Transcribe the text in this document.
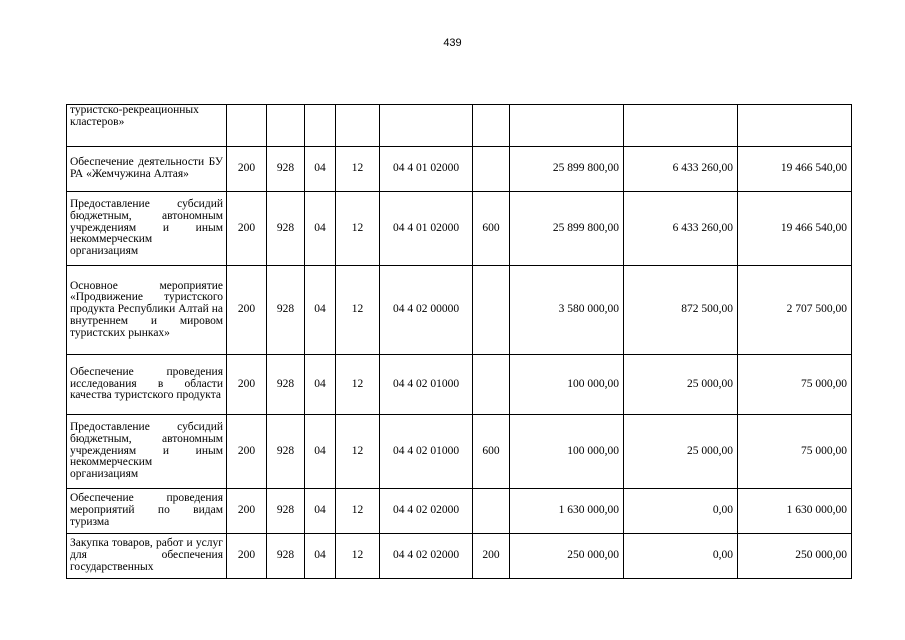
439
туристско-рекреационных кластеров»									
Обеспечение деятельности БУ РА «Жемчужина Алтая»	200	928	04	12	04 4 01 02000		25 899 800,00	6 433 260,00	19 466 540,00
Предоставление субсидий бюджетным, автономным учреждениям и иным некоммерческим организациям	200	928	04	12	04 4 01 02000	600	25 899 800,00	6 433 260,00	19 466 540,00
Основное мероприятие «Продвижение туристского продукта Республики Алтай на внутреннем и мировом туристских рынках»	200	928	04	12	04 4 02 00000		3 580 000,00	872 500,00	2 707 500,00
Обеспечение проведения исследования в области качества туристского продукта	200	928	04	12	04 4 02 01000		100 000,00	25 000,00	75 000,00
Предоставление субсидий бюджетным, автономным учреждениям и иным некоммерческим организациям	200	928	04	12	04 4 02 01000	600	100 000,00	25 000,00	75 000,00
Обеспечение проведения мероприятий по видам туризма	200	928	04	12	04 4 02 02000		1 630 000,00	0,00	1 630 000,00
Закупка товаров, работ и услуг для обеспечения государственных	200	928	04	12	04 4 02 02000	200	250 000,00	0,00	250 000,00
